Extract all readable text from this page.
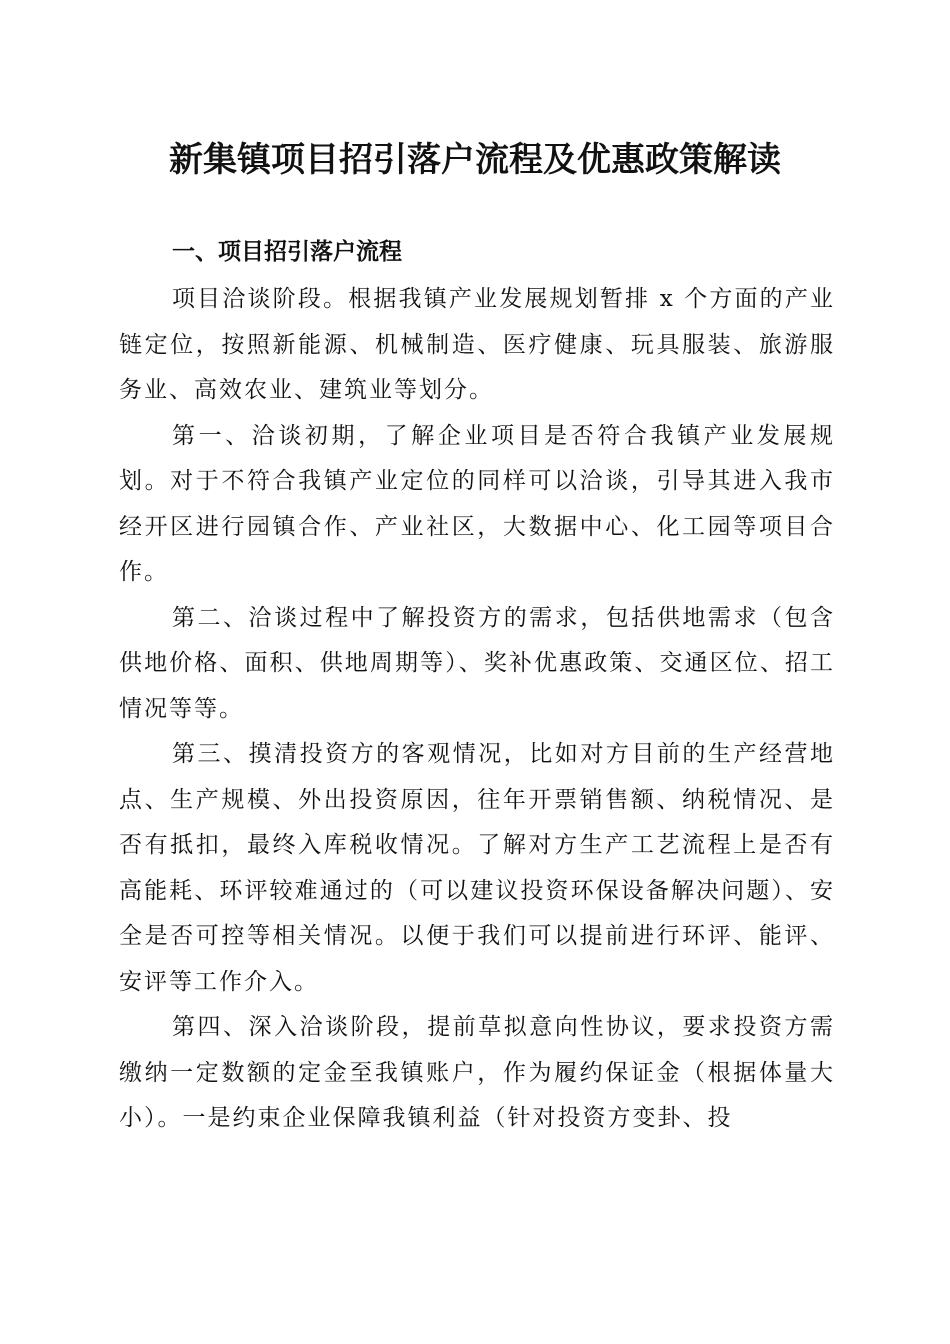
新集镇项目招引落户流程及优惠政策解读
一、项目招引落户流程

项目洽谈阶段。根据我镇产业发展规划暂排 x 个方面的产业链定位，按照新能源、机械制造、医疗健康、玩具服装、旅游服务业、高效农业、建筑业等划分。

第一、洽谈初期，了解企业项目是否符合我镇产业发展规划。对于不符合我镇产业定位的同样可以洽谈，引导其进入我市经开区进行园镇合作、产业社区，大数据中心、化工园等项目合作。

第二、洽谈过程中了解投资方的需求，包括供地需求（包含供地价格、面积、供地周期等）、奖补优惠政策、交通区位、招工情况等等。

第三、摸清投资方的客观情况，比如对方目前的生产经营地点、生产规模、外出投资原因，往年开票销售额、纳税情况、是否有抵扣，最终入库税收情况。了解对方生产工艺流程上是否有高能耗、环评较难通过的（可以建议投资环保设备解决问题）、安全是否可控等相关情况。以便于我们可以提前进行环评、能评、安评等工作介入。

第四、深入洽谈阶段，提前草拟意向性协议，要求投资方需缴纳一定数额的定金至我镇账户，作为履约保证金（根据体量大小）。一是约束企业保障我镇利益（针对投资方变卦、投
